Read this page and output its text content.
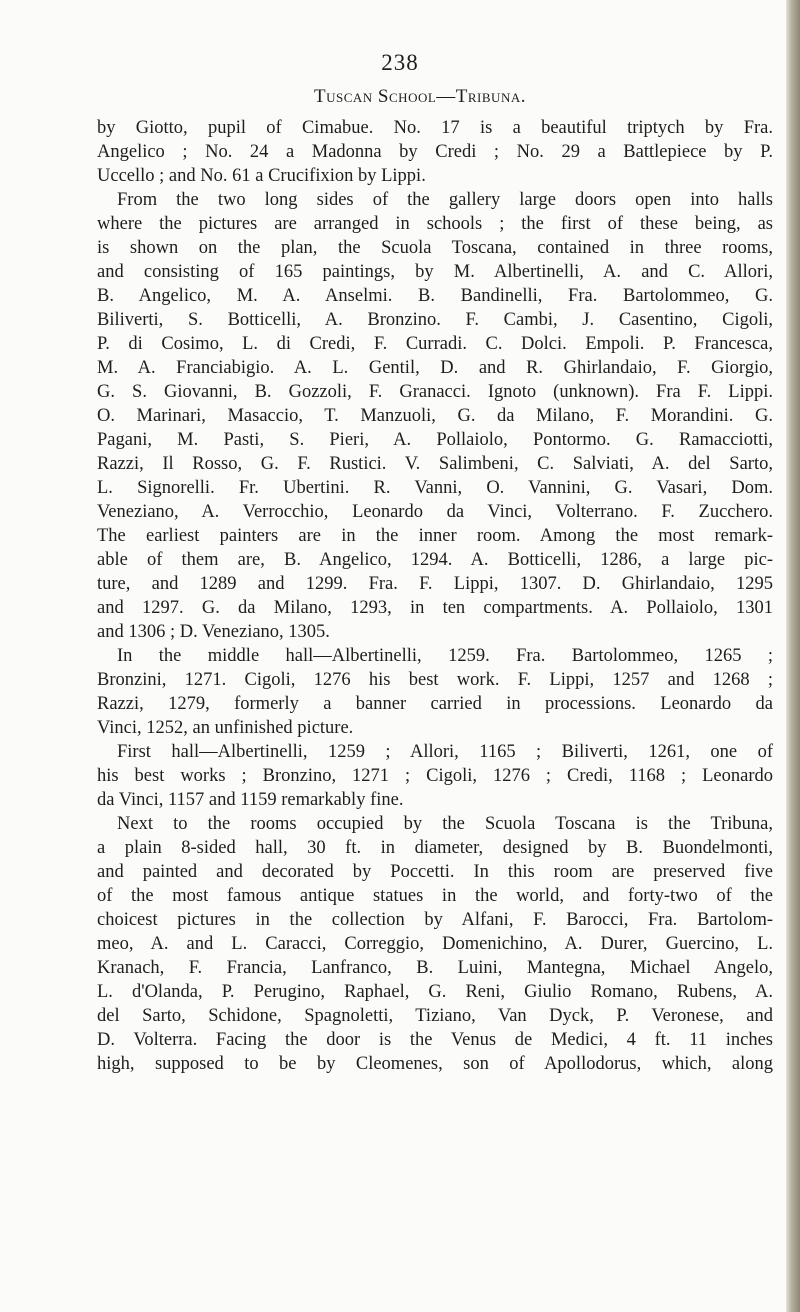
238
Tuscan School—Tribuna.
by Giotto, pupil of Cimabue. No. 17 is a beautiful triptych by Fra.
Angelico ; No. 24 a Madonna by Credi ; No. 29 a Battlepiece by P.
Uccello ; and No. 61 a Crucifixion by Lippi.
From the two long sides of the gallery large doors open into halls
where the pictures are arranged in schools ; the first of these being, as
is shown on the plan, the Scuola Toscana, contained in three rooms,
and consisting of 165 paintings, by M. Albertinelli, A. and C. Allori,
B. Angelico, M. A. Anselmi. B. Bandinelli, Fra. Bartolommeo, G.
Biliverti, S. Botticelli, A. Bronzino. F. Cambi, J. Casentino, Cigoli,
P. di Cosimo, L. di Credi, F. Curradi. C. Dolci. Empoli. P. Francesca,
M. A. Franciabigio. A. L. Gentil, D. and R. Ghirlandaio, F. Giorgio,
G. S. Giovanni, B. Gozzoli, F. Granacci. Ignoto (unknown). Fra F. Lippi.
O. Marinari, Masaccio, T. Manzuoli, G. da Milano, F. Morandini. G.
Pagani, M. Pasti, S. Pieri, A. Pollaiolo, Pontormo. G. Ramacciotti,
Razzi, Il Rosso, G. F. Rustici. V. Salimbeni, C. Salviati, A. del Sarto,
L. Signorelli. Fr. Ubertini. R. Vanni, O. Vannini, G. Vasari, Dom.
Veneziano, A. Verrocchio, Leonardo da Vinci, Volterrano. F. Zucchero.
The earliest painters are in the inner room. Among the most remark-
able of them are, B. Angelico, 1294. A. Botticelli, 1286, a large pic-
ture, and 1289 and 1299. Fra. F. Lippi, 1307. D. Ghirlandaio, 1295
and 1297. G. da Milano, 1293, in ten compartments. A. Pollaiolo, 1301
and 1306 ; D. Veneziano, 1305.
In the middle hall—Albertinelli, 1259. Fra. Bartolommeo, 1265 ;
Bronzini, 1271. Cigoli, 1276 his best work. F. Lippi, 1257 and 1268 ;
Razzi, 1279, formerly a banner carried in processions. Leonardo da
Vinci, 1252, an unfinished picture.
First hall—Albertinelli, 1259 ; Allori, 1165 ; Biliverti, 1261, one of
his best works ; Bronzino, 1271 ; Cigoli, 1276 ; Credi, 1168 ; Leonardo
da Vinci, 1157 and 1159 remarkably fine.
Next to the rooms occupied by the Scuola Toscana is the Tribuna,
a plain 8-sided hall, 30 ft. in diameter, designed by B. Buondelmonti,
and painted and decorated by Poccetti. In this room are preserved five
of the most famous antique statues in the world, and forty-two of the
choicest pictures in the collection by Alfani, F. Barocci, Fra. Bartolom-
meo, A. and L. Caracci, Correggio, Domenichino, A. Durer, Guercino, L.
Kranach, F. Francia, Lanfranco, B. Luini, Mantegna, Michael Angelo,
L. d'Olanda, P. Perugino, Raphael, G. Reni, Giulio Romano, Rubens, A.
del Sarto, Schidone, Spagnoletti, Tiziano, Van Dyck, P. Veronese, and
D. Volterra. Facing the door is the Venus de Medici, 4 ft. 11 inches
high, supposed to be by Cleomenes, son of Apollodorus, which, along
